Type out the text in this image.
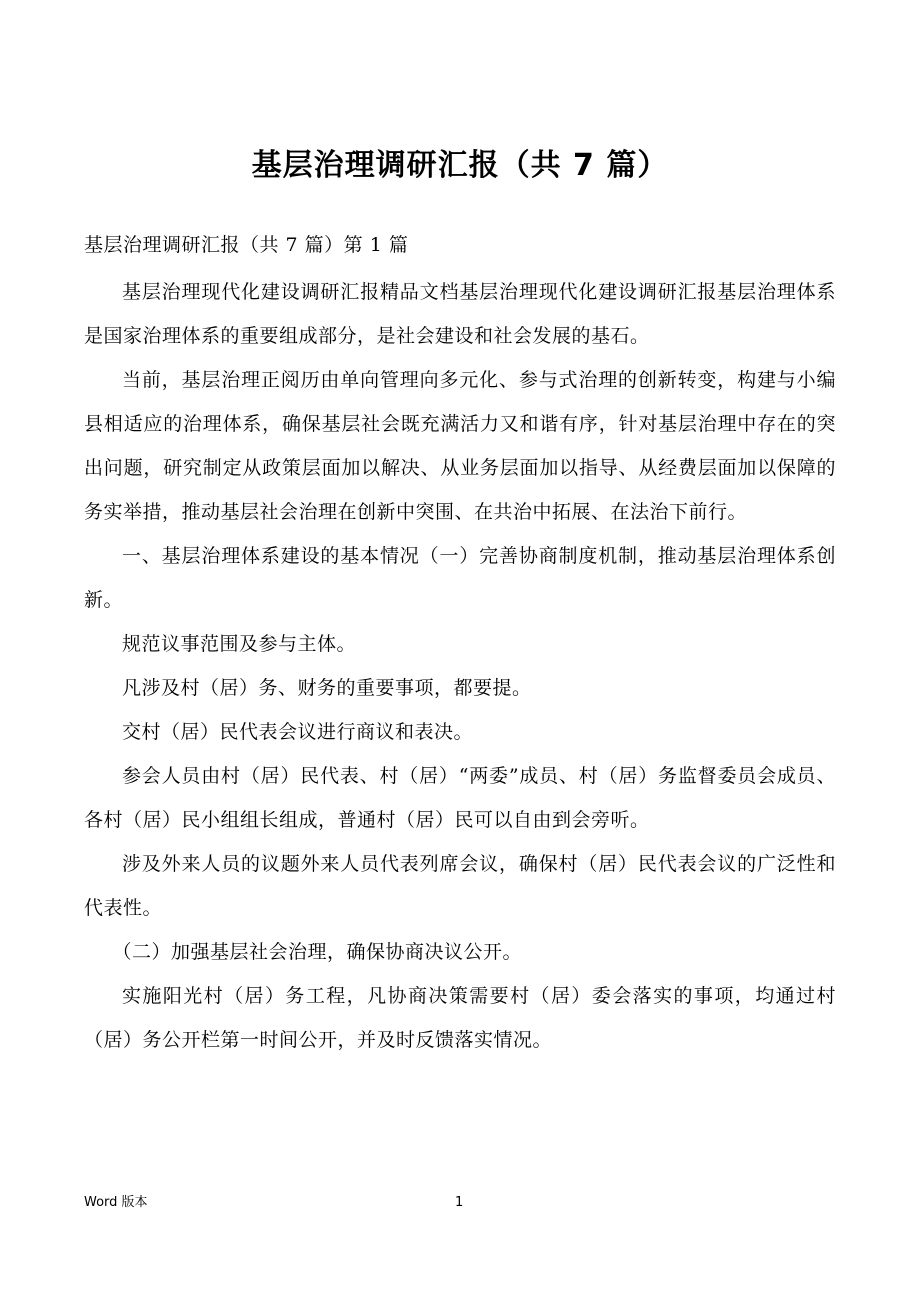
基层治理调研汇报（共 7 篇）

基层治理调研汇报（共 7 篇）第 1 篇

基层治理现代化建设调研汇报精品文档基层治理现代化建设调研汇报基层治理体系是国家治理体系的重要组成部分，是社会建设和社会发展的基石。

当前，基层治理正阅历由单向管理向多元化、参与式治理的创新转变，构建与小编县相适应的治理体系，确保基层社会既充满活力又和谐有序，针对基层治理中存在的突出问题，研究制定从政策层面加以解决、从业务层面加以指导、从经费层面加以保障的务实举措，推动基层社会治理在创新中突围、在共治中拓展、在法治下前行。

一、基层治理体系建设的基本情况（一）完善协商制度机制，推动基层治理体系创新。

规范议事范围及参与主体。

凡涉及村（居）务、财务的重要事项，都要提。

交村（居）民代表会议进行商议和表决。

参会人员由村（居）民代表、村（居）“两委”成员、村（居）务监督委员会成员、各村（居）民小组组长组成，普通村（居）民可以自由到会旁听。

涉及外来人员的议题外来人员代表列席会议，确保村（居）民代表会议的广泛性和代表性。

（二）加强基层社会治理，确保协商决议公开。

实施阳光村（居）务工程，凡协商决策需要村（居）委会落实的事项，均通过村（居）务公开栏第一时间公开，并及时反馈落实情况。

Word 版本	1
